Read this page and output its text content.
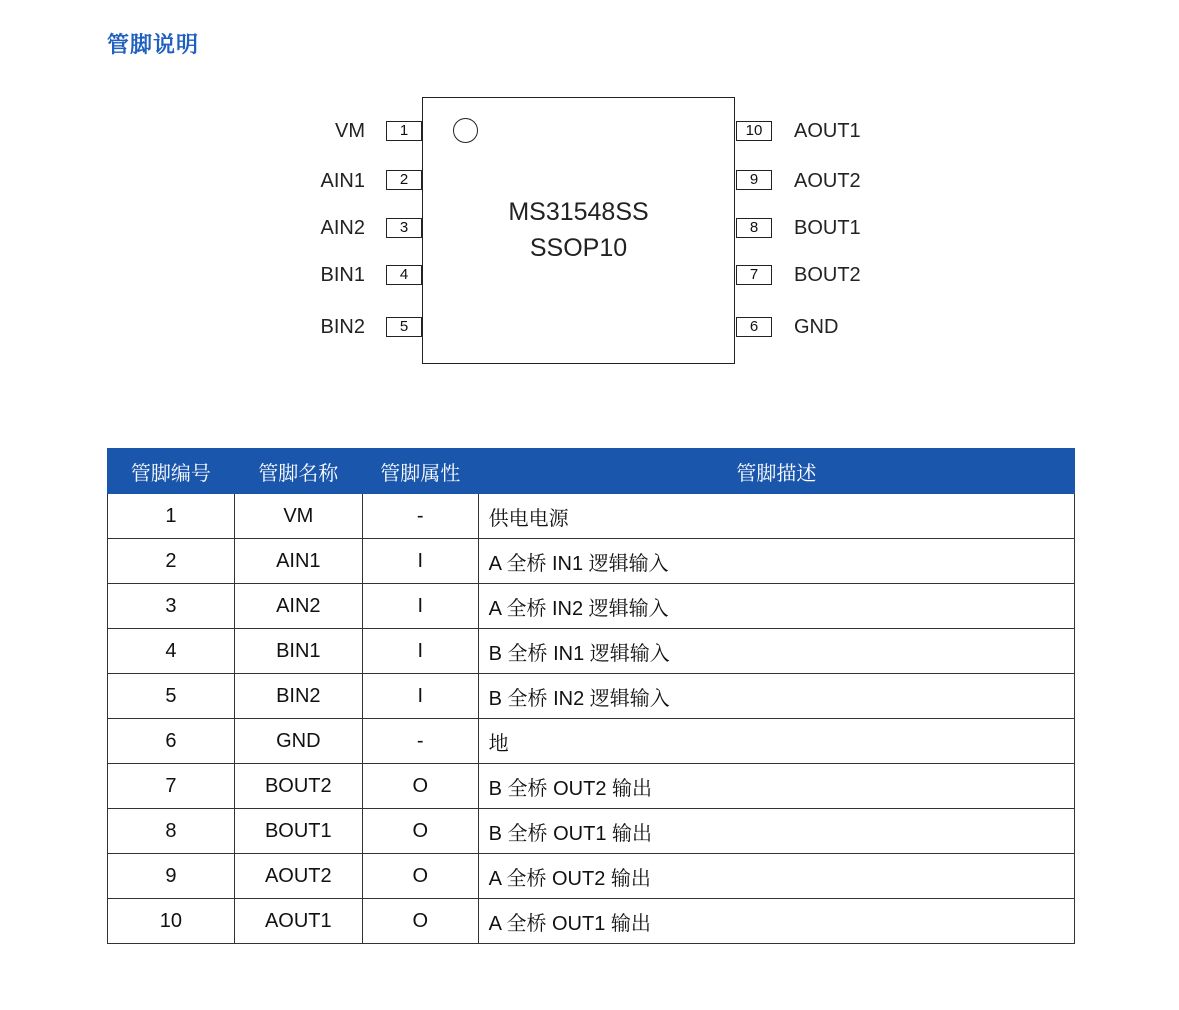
管脚说明
MS31548SS
SSOP10
VM	1
AIN1	2
AIN2	3
BIN1	4
BIN2	5
10	AOUT1
9	AOUT2
8	BOUT1
7	BOUT2
6	GND
管脚编号	管脚名称	管脚属性	管脚描述
1	VM	-	供电电源
2	AIN1	I	A 全桥 IN1 逻辑输入
3	AIN2	I	A 全桥 IN2 逻辑输入
4	BIN1	I	B 全桥 IN1 逻辑输入
5	BIN2	I	B 全桥 IN2 逻辑输入
6	GND	-	地
7	BOUT2	O	B 全桥 OUT2 输出
8	BOUT1	O	B 全桥 OUT1 输出
9	AOUT2	O	A 全桥 OUT2 输出
10	AOUT1	O	A 全桥 OUT1 输出
